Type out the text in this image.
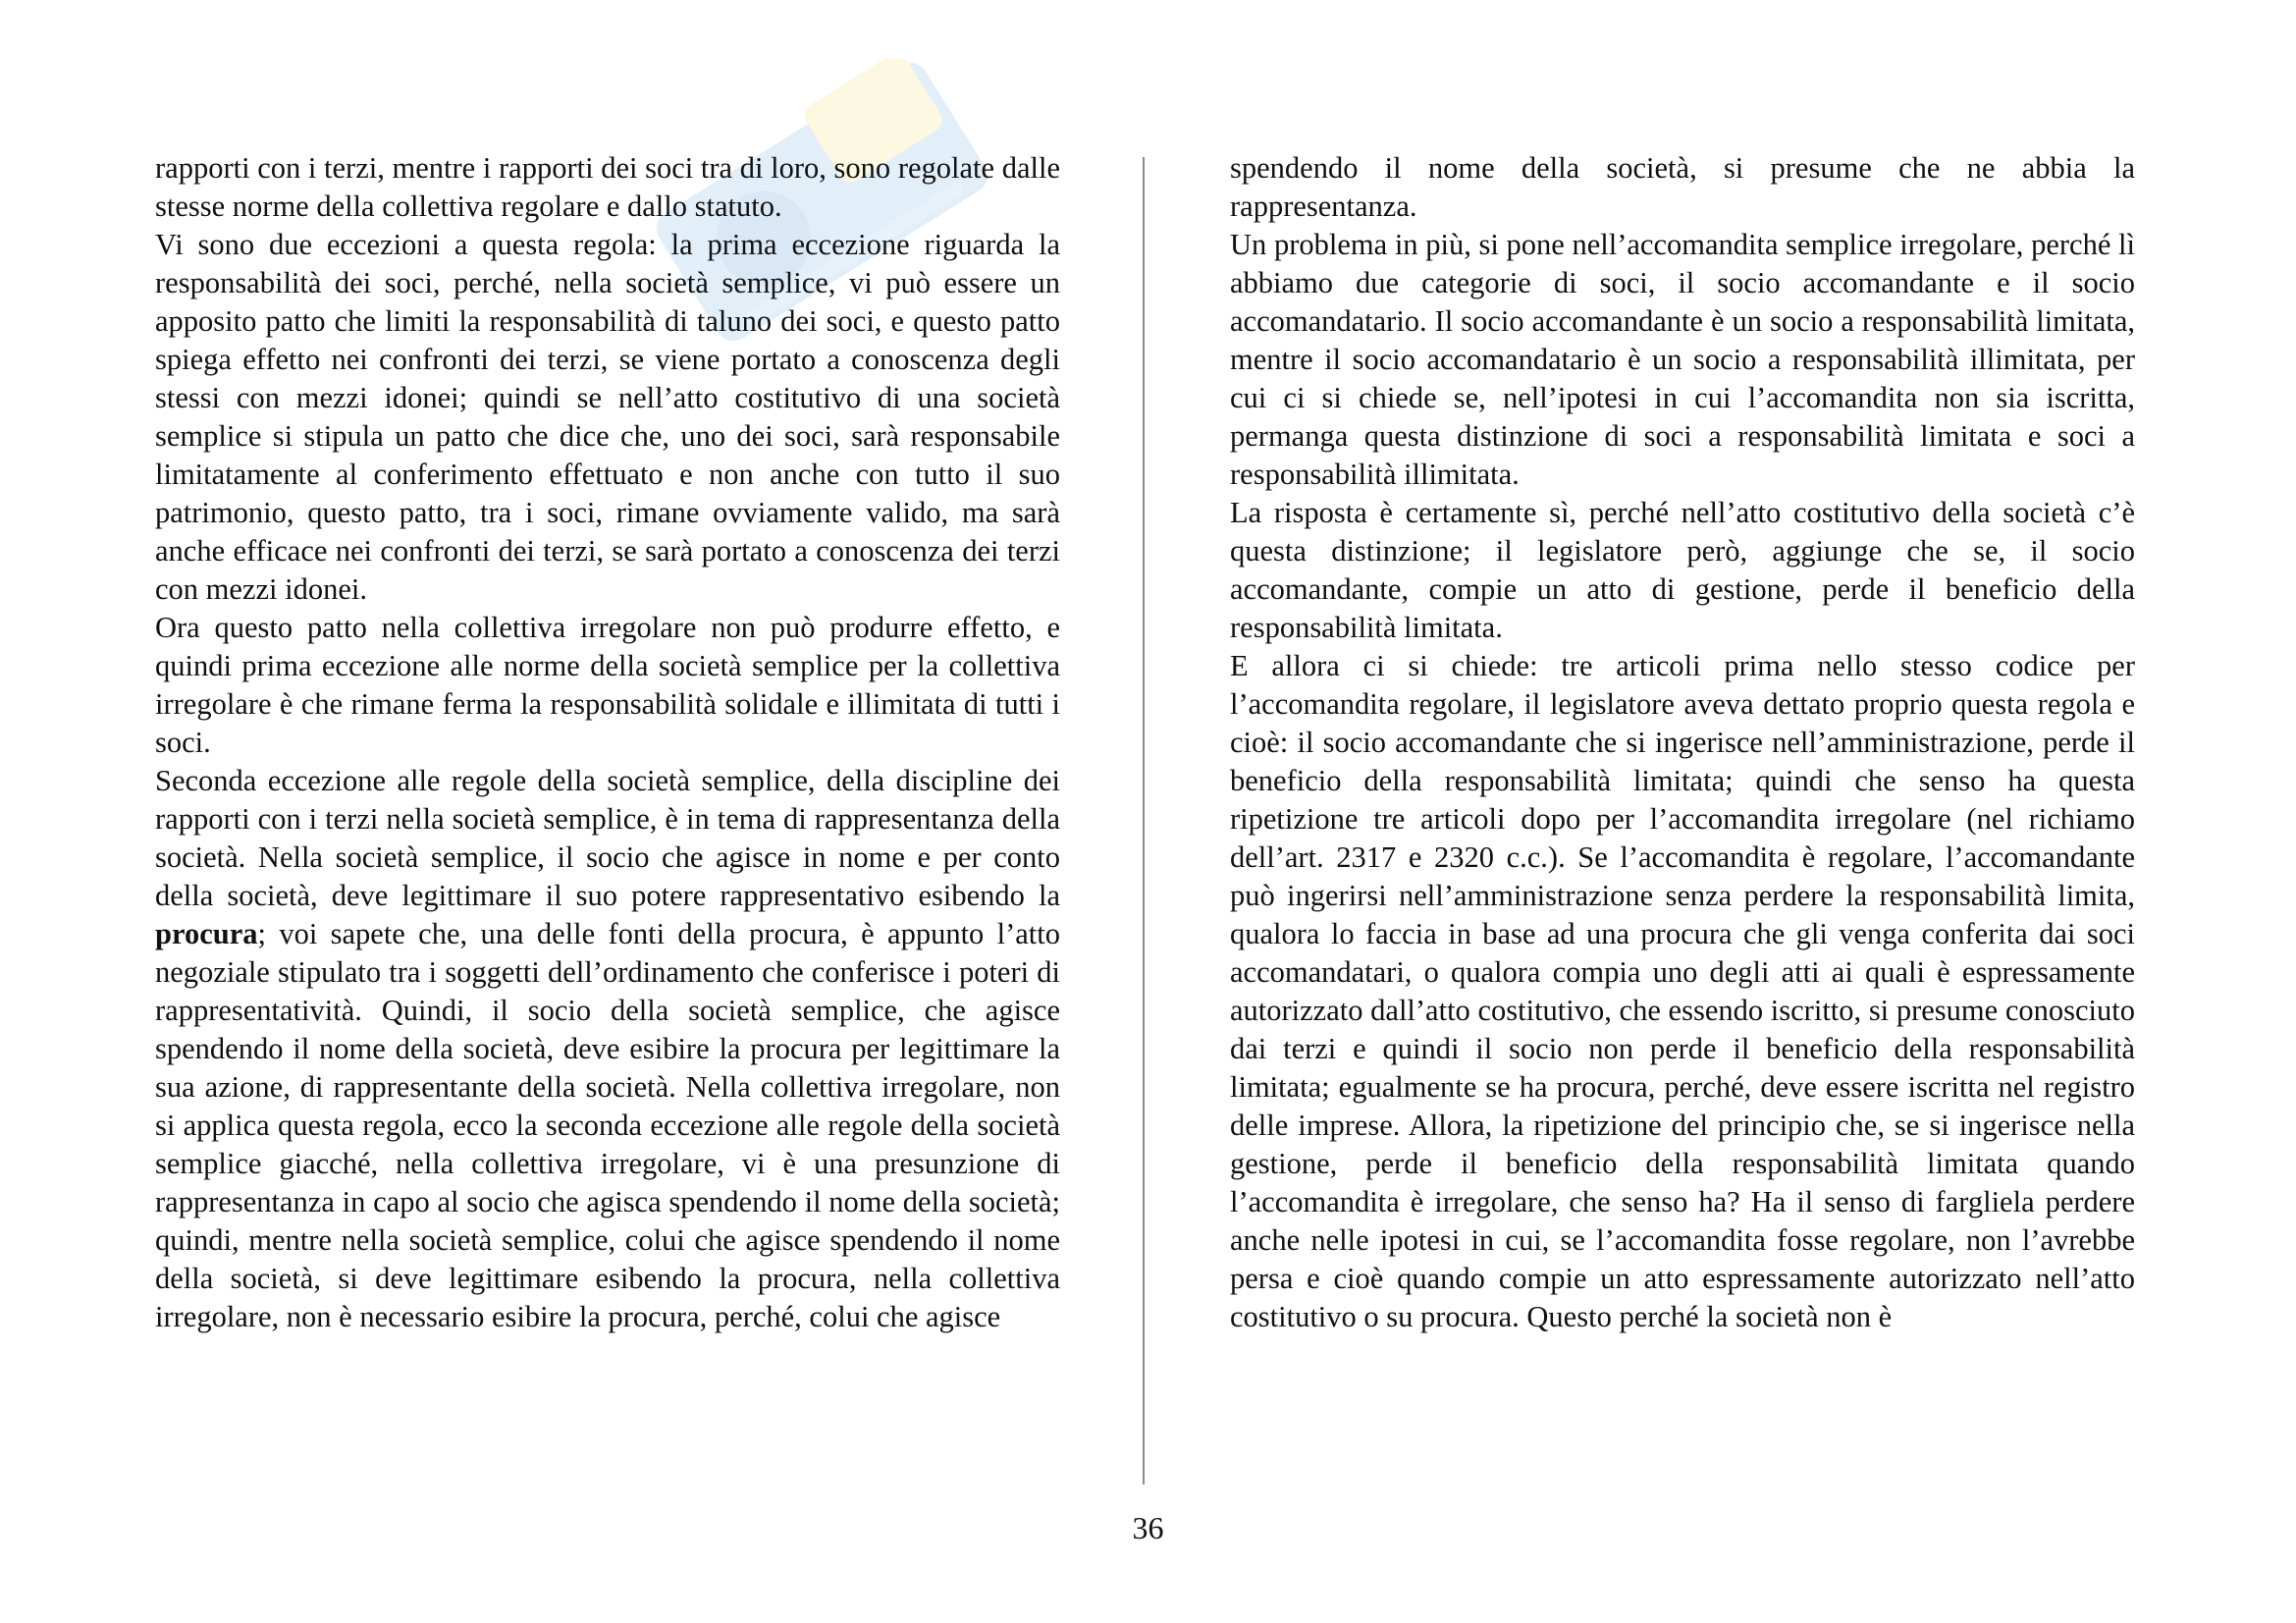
rapporti con i terzi, mentre i rapporti dei soci tra di loro, sono regolate dalle stesse norme della collettiva regolare e dallo statuto.

Vi sono due eccezioni a questa regola: la prima eccezione riguarda la responsabilità dei soci, perché, nella società semplice, vi può essere un apposito patto che limiti la responsabilità di taluno dei soci, e questo patto spiega effetto nei confronti dei terzi, se viene portato a conoscenza degli stessi con mezzi idonei; quindi se nell’atto costitutivo di una società semplice si stipula un patto che dice che, uno dei soci, sarà responsabile limitatamente al conferimento effettuato e non anche con tutto il suo patrimonio, questo patto, tra i soci, rimane ovviamente valido, ma sarà anche efficace nei confronti dei terzi, se sarà portato a conoscenza dei terzi con mezzi idonei.

Ora questo patto nella collettiva irregolare non può produrre effetto, e quindi prima eccezione alle norme della società semplice per la collettiva irregolare è che rimane ferma la responsabilità solidale e illimitata di tutti i soci.

Seconda eccezione alle regole della società semplice, della discipline dei rapporti con i terzi nella società semplice, è in tema di rappresentanza della società. Nella società semplice, il socio che agisce in nome e per conto della società, deve legittimare il suo potere rappresentativo esibendo la procura; voi sapete che, una delle fonti della procura, è appunto l’atto negoziale stipulato tra i soggetti dell’ordinamento che conferisce i poteri di rappresentatività. Quindi, il socio della società semplice, che agisce spendendo il nome della società, deve esibire la procura per legittimare la sua azione, di rappresentante della società. Nella collettiva irregolare, non si applica questa regola, ecco la seconda eccezione alle regole della società semplice giacché, nella collettiva irregolare, vi è una presunzione di rappresentanza in capo al socio che agisca spendendo il nome della società; quindi, mentre nella società semplice, colui che agisce spendendo il nome della società, si deve legittimare esibendo la procura, nella collettiva irregolare, non è necessario esibire la procura, perché, colui che agisce

spendendo il nome della società, si presume che ne abbia la rappresentanza.

Un problema in più, si pone nell’accomandita semplice irregolare, perché lì abbiamo due categorie di soci, il socio accomandante e il socio accomandatario. Il socio accomandante è un socio a responsabilità limitata, mentre il socio accomandatario è un socio a responsabilità illimitata, per cui ci si chiede se, nell’ipotesi in cui l’accomandita non sia iscritta, permanga questa distinzione di soci a responsabilità limitata e soci a responsabilità illimitata.

La risposta è certamente sì, perché nell’atto costitutivo della società c’è questa distinzione; il legislatore però, aggiunge che se, il socio accomandante, compie un atto di gestione, perde il beneficio della responsabilità limitata.

E allora ci si chiede: tre articoli prima nello stesso codice per l’accomandita regolare, il legislatore aveva dettato proprio questa regola e cioè: il socio accomandante che si ingerisce nell’amministrazione, perde il beneficio della responsabilità limitata; quindi che senso ha questa ripetizione tre articoli dopo per l’accomandita irregolare (nel richiamo dell’art. 2317 e 2320 c.c.). Se l’accomandita è regolare, l’accomandante può ingerirsi nell’amministrazione senza perdere la responsabilità limita, qualora lo faccia in base ad una procura che gli venga conferita dai soci accomandatari, o qualora compia uno degli atti ai quali è espressamente autorizzato dall’atto costitutivo, che essendo iscritto, si presume conosciuto dai terzi e quindi il socio non perde il beneficio della responsabilità limitata; egualmente se ha procura, perché, deve essere iscritta nel registro delle imprese. Allora, la ripetizione del principio che, se si ingerisce nella gestione, perde il beneficio della responsabilità limitata quando l’accomandita è irregolare, che senso ha? Ha il senso di fargliela perdere anche nelle ipotesi in cui, se l’accomandita fosse regolare, non l’avrebbe persa e cioè quando compie un atto espressamente autorizzato nell’atto costitutivo o su procura. Questo perché la società non è

36
